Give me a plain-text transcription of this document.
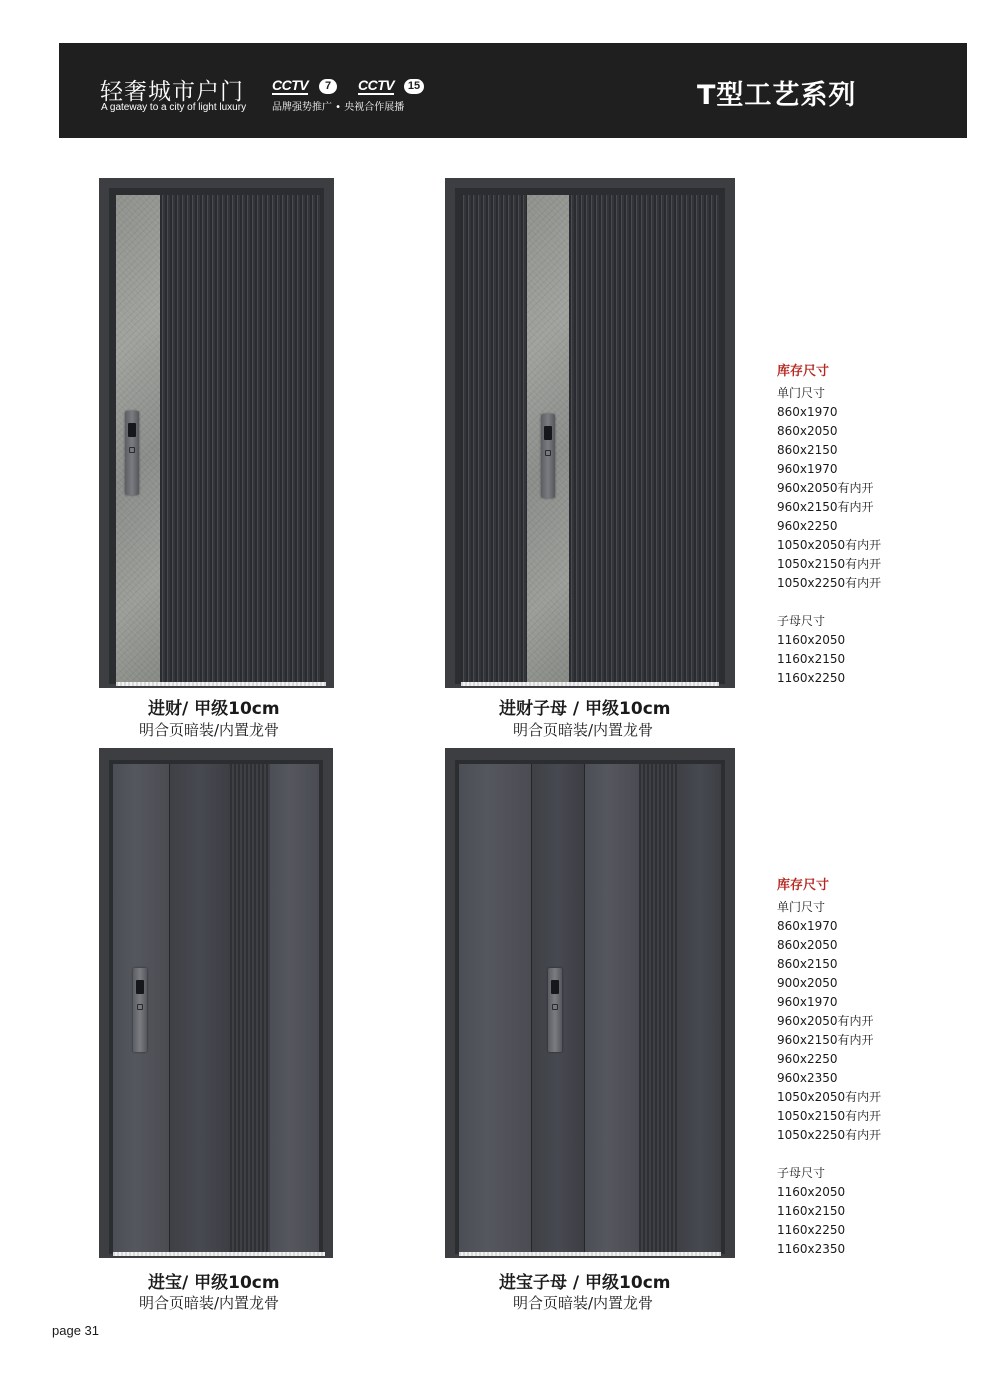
轻奢城市户门
A gateway to a city of light luxury
CCTV	7	CCTV	15
品牌强势推广 • 央视合作展播	T型工艺系列
进财/ 甲级10cm
明合页暗装/内置龙骨
进财子母 / 甲级10cm
明合页暗装/内置龙骨
库存尺寸
单门尺寸
860x1970
860x2050
860x2150
960x1970
960x2050有内开
960x2150有内开
960x2250
1050x2050有内开
1050x2150有内开
1050x2250有内开
子母尺寸
1160x2050
1160x2150
1160x2250
进宝/ 甲级10cm
明合页暗装/内置龙骨
进宝子母 / 甲级10cm
明合页暗装/内置龙骨
库存尺寸
单门尺寸
860x1970
860x2050
860x2150
900x2050
960x1970
960x2050有内开
960x2150有内开
960x2250
960x2350
1050x2050有内开
1050x2150有内开
1050x2250有内开
子母尺寸
1160x2050
1160x2150
1160x2250
1160x2350
page 31
